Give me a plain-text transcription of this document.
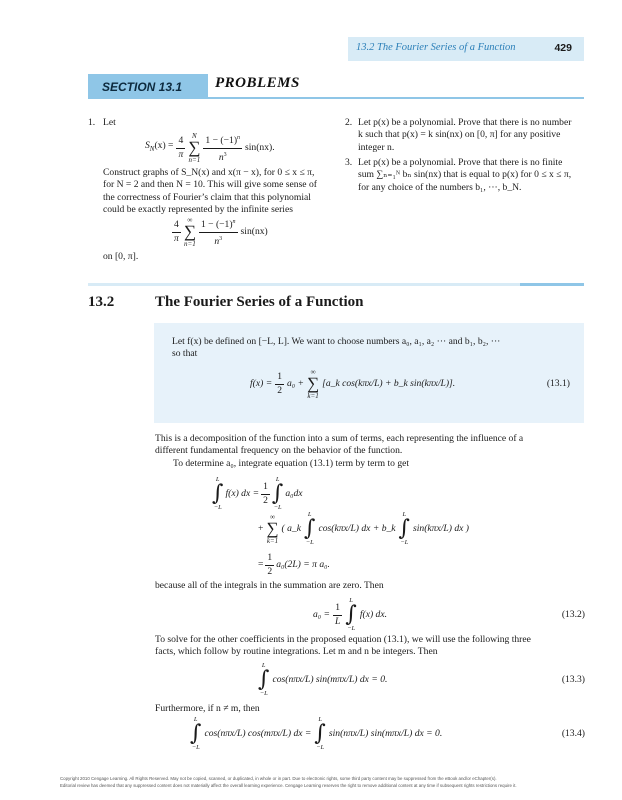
13.2 The Fourier Series of a Function	429
SECTION 13.1 PROBLEMS
1. Let
$S_N(x) = \frac{4}{\pi}$ N
∑
$n=1 \frac{1 - (-1)^n}{n^3} \sin(nx)$.
Construct graphs of S_N(x) and x(π − x), for 0 ≤ x ≤ π,
for N = 2 and then N = 10. This will give some sense of
the correctness of Fourier’s claim that this polynomial
could be exactly represented by the infinite series
$\frac{4}{\pi}$ ∞
∑
$n=1 \frac{1 - (-1)^n}{n^3} \sin(nx)$
on [0, π].
2. Let p(x) be a polynomial. Prove that there is no number
k such that p(x) = k sin(nx) on [0, π] for any positive
integer n.
3. Let p(x) be a polynomial. Prove that there is no finite
sum ∑ₙ₌₁ᴺ bₙ sin(nx) that is equal to p(x) for 0 ≤ x ≤ π,
for any choice of the numbers b₁, ···, b_N.
13.2	The Fourier Series of a Function
Let f(x) be defined on [−L, L]. We want to choose numbers a₀, a₁, a₂ ··· and b₁, b₂, ···
so that
$f(x) = \frac{1}{2} a_0$ +
∞
∑
k=1
[a_k cos(kπx/L) + b_k sin(kπx/L)].	(13.1)
This is a decomposition of the function into a sum of terms, each representing the influence of a
different fundamental frequency on the behavior of the function.
To determine a₀, integrate equation (13.1) term by term to get
L
∫
−L
f(x) dx = $\frac{1}{2}$
L
∫
−L
a₀dx
+
∞
∑
k=1
( a_k
L
∫
−L
cos(kπx/L) dx + b_k
L
∫
−L
sin(kπx/L) dx )
= $\frac{1}{2} a_0(2L) = \pi$ a₀.
because all of the integrals in the summation are zero. Then
$a_0 = \frac{1}{L}$
L
∫
−L
f(x) dx.	(13.2)
To solve for the other coefficients in the proposed equation (13.1), we will use the following three
facts, which follow by routine integrations. Let m and n be integers. Then
L
∫
−L
cos(nπx/L) sin(mπx/L) dx = 0.	(13.3)
Furthermore, if n ≠ m, then
L
∫
−L
cos(nπx/L) cos(mπx/L) dx =
L
∫
−L
sin(nπx/L) sin(mπx/L) dx = 0.	(13.4)
Copyright 2010 Cengage Learning. All Rights Reserved. May not be copied, scanned, or duplicated, in whole or in part. Due to electronic rights, some third party content may be suppressed from the eBook and/or eChapter(s).
Editorial review has deemed that any suppressed content does not materially affect the overall learning experience. Cengage Learning reserves the right to remove additional content at any time if subsequent rights restrictions require it.
